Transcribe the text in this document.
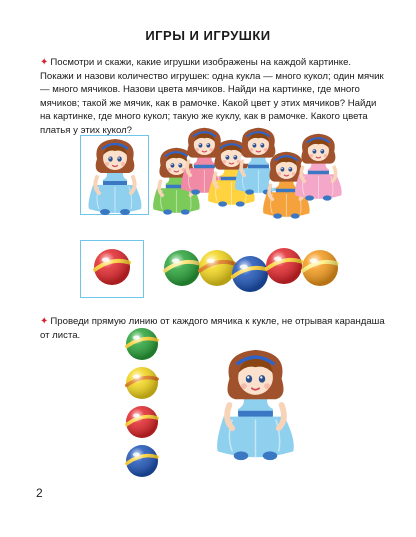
ИГРЫ И ИГРУШКИ
✦ Посмотри и скажи, какие игрушки изображены на каждой картинке. Покажи и назови количество игрушек: одна кукла — много кукол; один мячик — много мячиков. Назови цвета мячиков. Найди на картинке, где много мячиков; такой же мячик, как в рамочке. Какой цвет у этих мячиков? Найди на картинке, где много кукол; такую же куклу, как в рамочке. Какого цвета платья у этих кукол?
✦ Проведи прямую линию от каждого мячика к кукле, не отрывая карандаша от листа.
2
